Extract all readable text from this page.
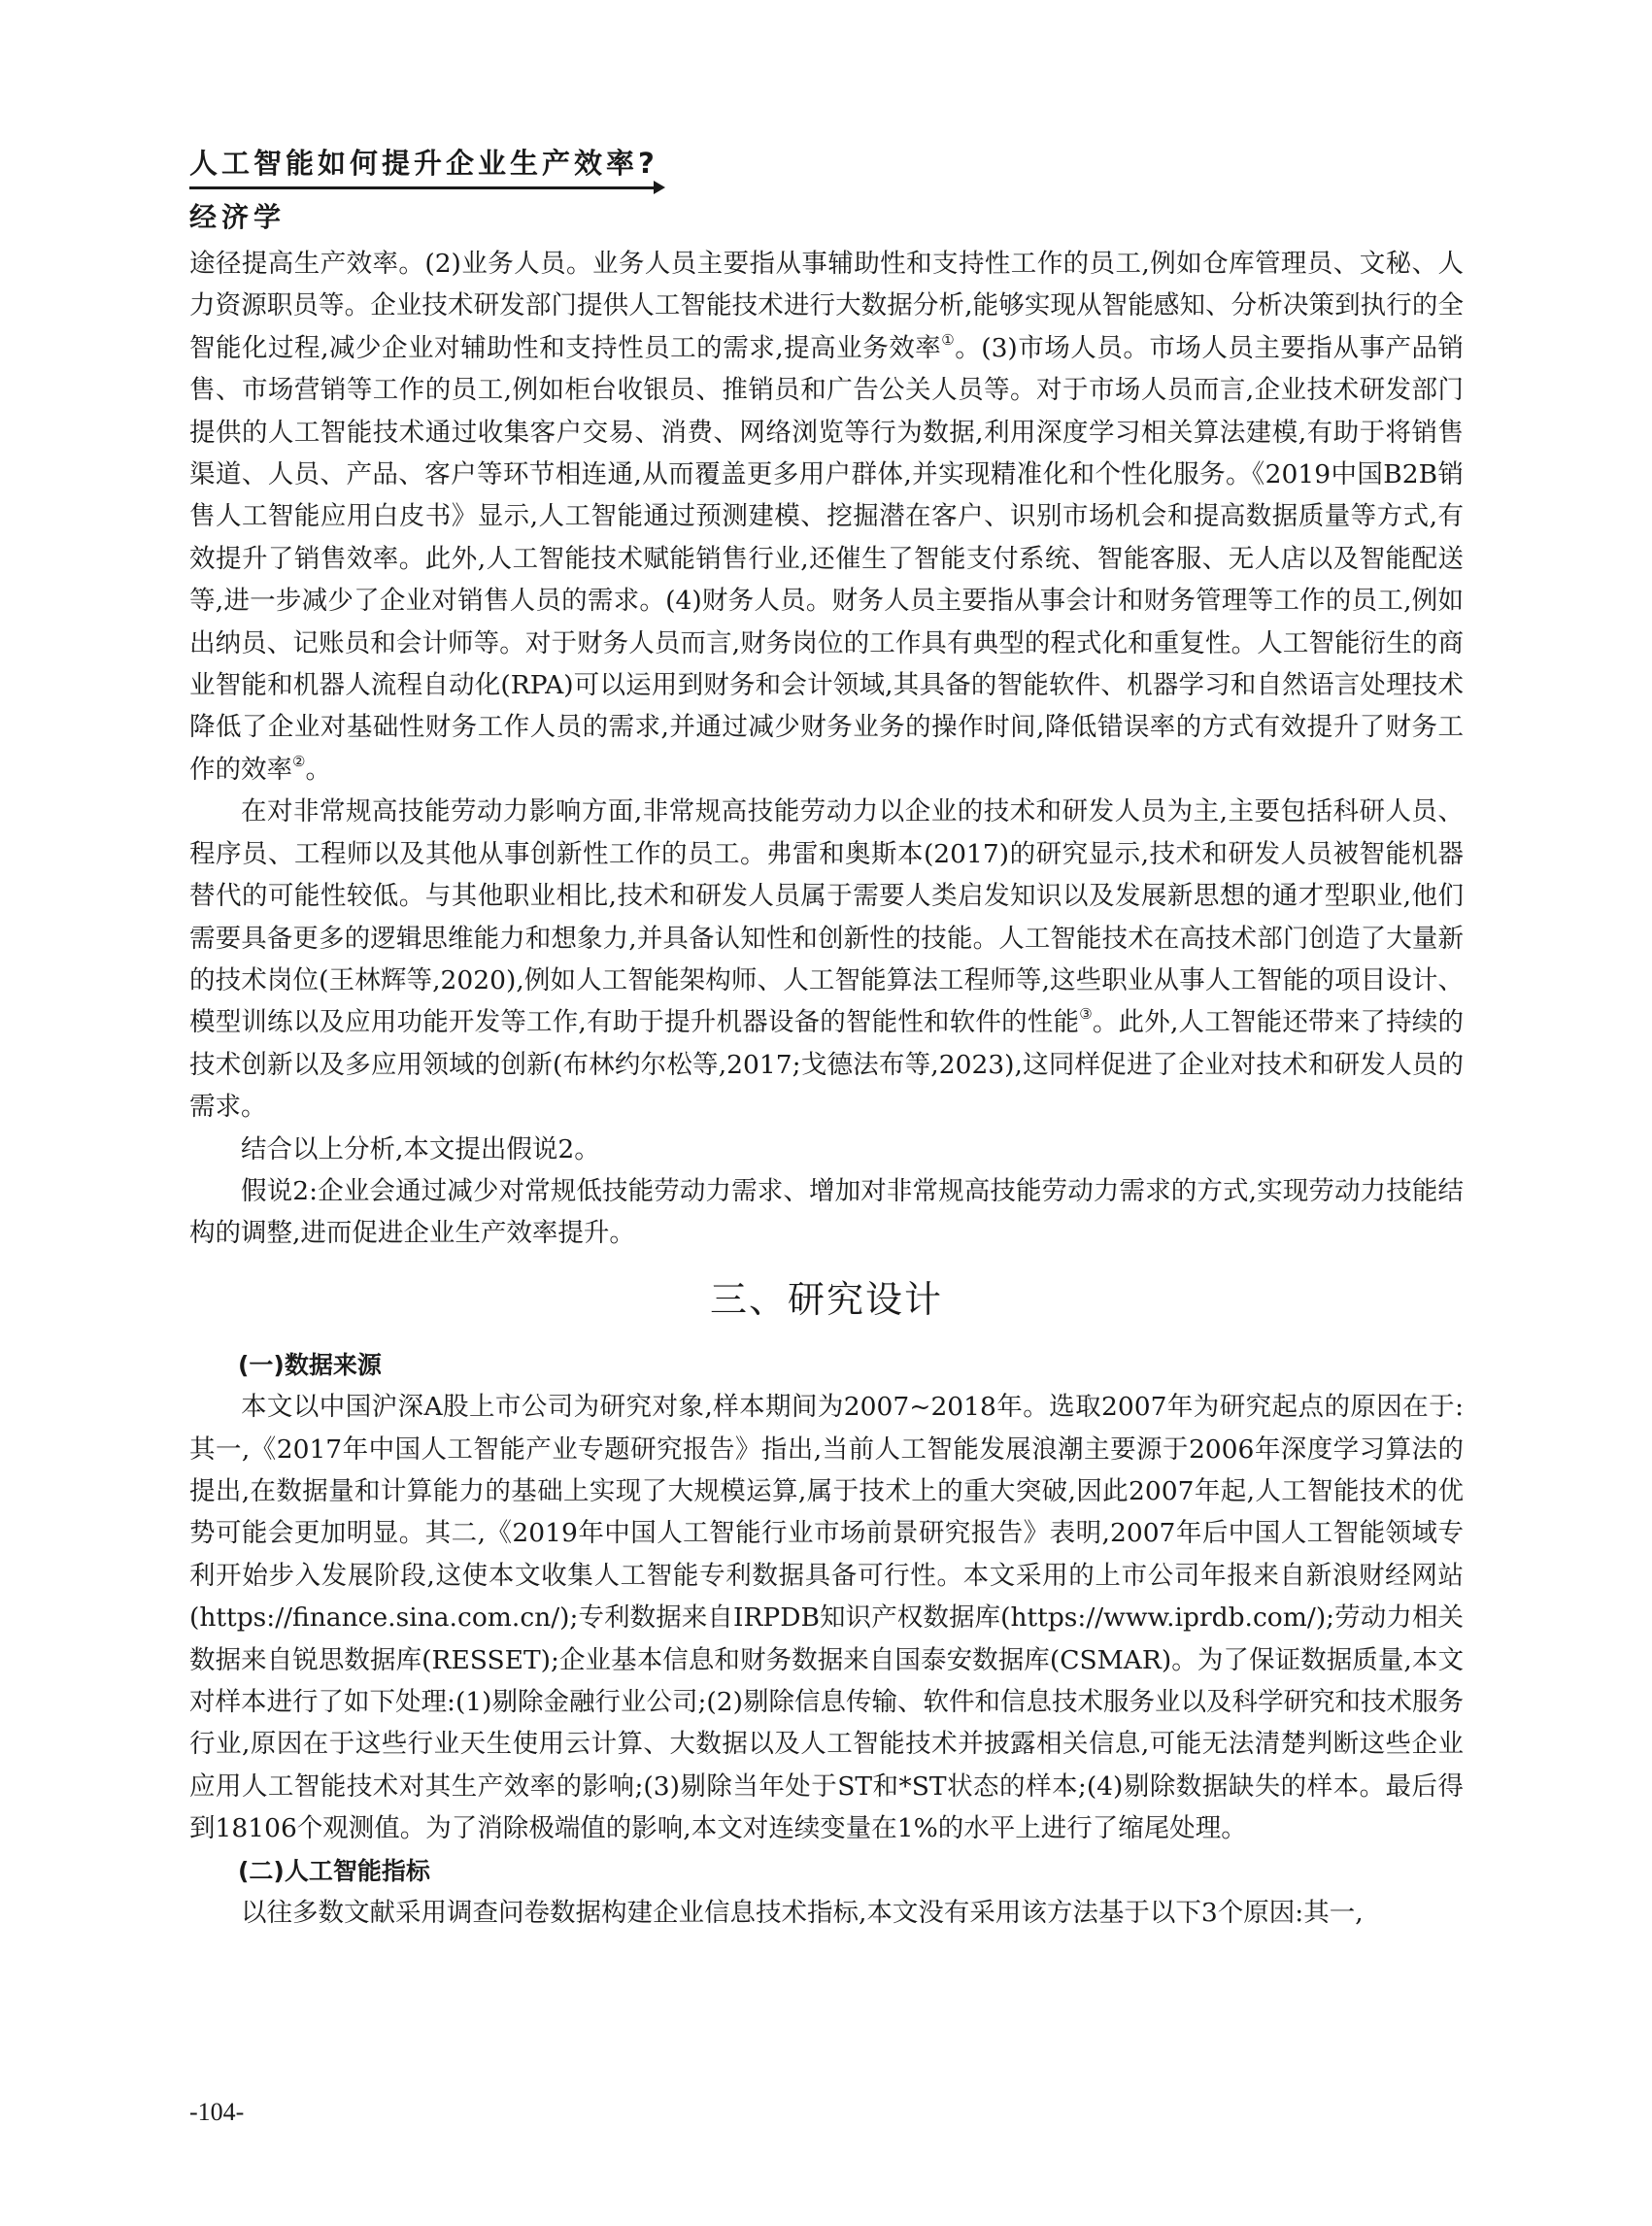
人工智能如何提升企业生产效率?
经济学

途径提高生产效率。(2)业务人员。业务人员主要指从事辅助性和支持性工作的员工,例如仓库管理员、文秘、人力资源职员等。企业技术研发部门提供人工智能技术进行大数据分析,能够实现从智能感知、分析决策到执行的全智能化过程,减少企业对辅助性和支持性员工的需求,提高业务效率①。(3)市场人员。市场人员主要指从事产品销售、市场营销等工作的员工,例如柜台收银员、推销员和广告公关人员等。对于市场人员而言,企业技术研发部门提供的人工智能技术通过收集客户交易、消费、网络浏览等行为数据,利用深度学习相关算法建模,有助于将销售渠道、人员、产品、客户等环节相连通,从而覆盖更多用户群体,并实现精准化和个性化服务。《2019中国B2B销售人工智能应用白皮书》显示,人工智能通过预测建模、挖掘潜在客户、识别市场机会和提高数据质量等方式,有效提升了销售效率。此外,人工智能技术赋能销售行业,还催生了智能支付系统、智能客服、无人店以及智能配送等,进一步减少了企业对销售人员的需求。(4)财务人员。财务人员主要指从事会计和财务管理等工作的员工,例如出纳员、记账员和会计师等。对于财务人员而言,财务岗位的工作具有典型的程式化和重复性。人工智能衍生的商业智能和机器人流程自动化(RPA)可以运用到财务和会计领域,其具备的智能软件、机器学习和自然语言处理技术降低了企业对基础性财务工作人员的需求,并通过减少财务业务的操作时间,降低错误率的方式有效提升了财务工作的效率②。

在对非常规高技能劳动力影响方面,非常规高技能劳动力以企业的技术和研发人员为主,主要包括科研人员、程序员、工程师以及其他从事创新性工作的员工。弗雷和奥斯本(2017)的研究显示,技术和研发人员被智能机器替代的可能性较低。与其他职业相比,技术和研发人员属于需要人类启发知识以及发展新思想的通才型职业,他们需要具备更多的逻辑思维能力和想象力,并具备认知性和创新性的技能。人工智能技术在高技术部门创造了大量新的技术岗位(王林辉等,2020),例如人工智能架构师、人工智能算法工程师等,这些职业从事人工智能的项目设计、模型训练以及应用功能开发等工作,有助于提升机器设备的智能性和软件的性能③。此外,人工智能还带来了持续的技术创新以及多应用领域的创新(布林约尔松等,2017;戈德法布等,2023),这同样促进了企业对技术和研发人员的需求。

结合以上分析,本文提出假说2。

假说2:企业会通过减少对常规低技能劳动力需求、增加对非常规高技能劳动力需求的方式,实现劳动力技能结构的调整,进而促进企业生产效率提升。

三、研究设计

(一)数据来源

本文以中国沪深A股上市公司为研究对象,样本期间为2007~2018年。选取2007年为研究起点的原因在于:其一,《2017年中国人工智能产业专题研究报告》指出,当前人工智能发展浪潮主要源于2006年深度学习算法的提出,在数据量和计算能力的基础上实现了大规模运算,属于技术上的重大突破,因此2007年起,人工智能技术的优势可能会更加明显。其二,《2019年中国人工智能行业市场前景研究报告》表明,2007年后中国人工智能领域专利开始步入发展阶段,这使本文收集人工智能专利数据具备可行性。本文采用的上市公司年报来自新浪财经网站(https://finance.sina.com.cn/);专利数据来自IRPDB知识产权数据库(https://www.iprdb.com/);劳动力相关数据来自锐思数据库(RESSET);企业基本信息和财务数据来自国泰安数据库(CSMAR)。为了保证数据质量,本文对样本进行了如下处理:(1)剔除金融行业公司;(2)剔除信息传输、软件和信息技术服务业以及科学研究和技术服务行业,原因在于这些行业天生使用云计算、大数据以及人工智能技术并披露相关信息,可能无法清楚判断这些企业应用人工智能技术对其生产效率的影响;(3)剔除当年处于ST和*ST状态的样本;(4)剔除数据缺失的样本。最后得到18106个观测值。为了消除极端值的影响,本文对连续变量在1%的水平上进行了缩尾处理。

(二)人工智能指标

以往多数文献采用调查问卷数据构建企业信息技术指标,本文没有采用该方法基于以下3个原因:其一,

-104-
